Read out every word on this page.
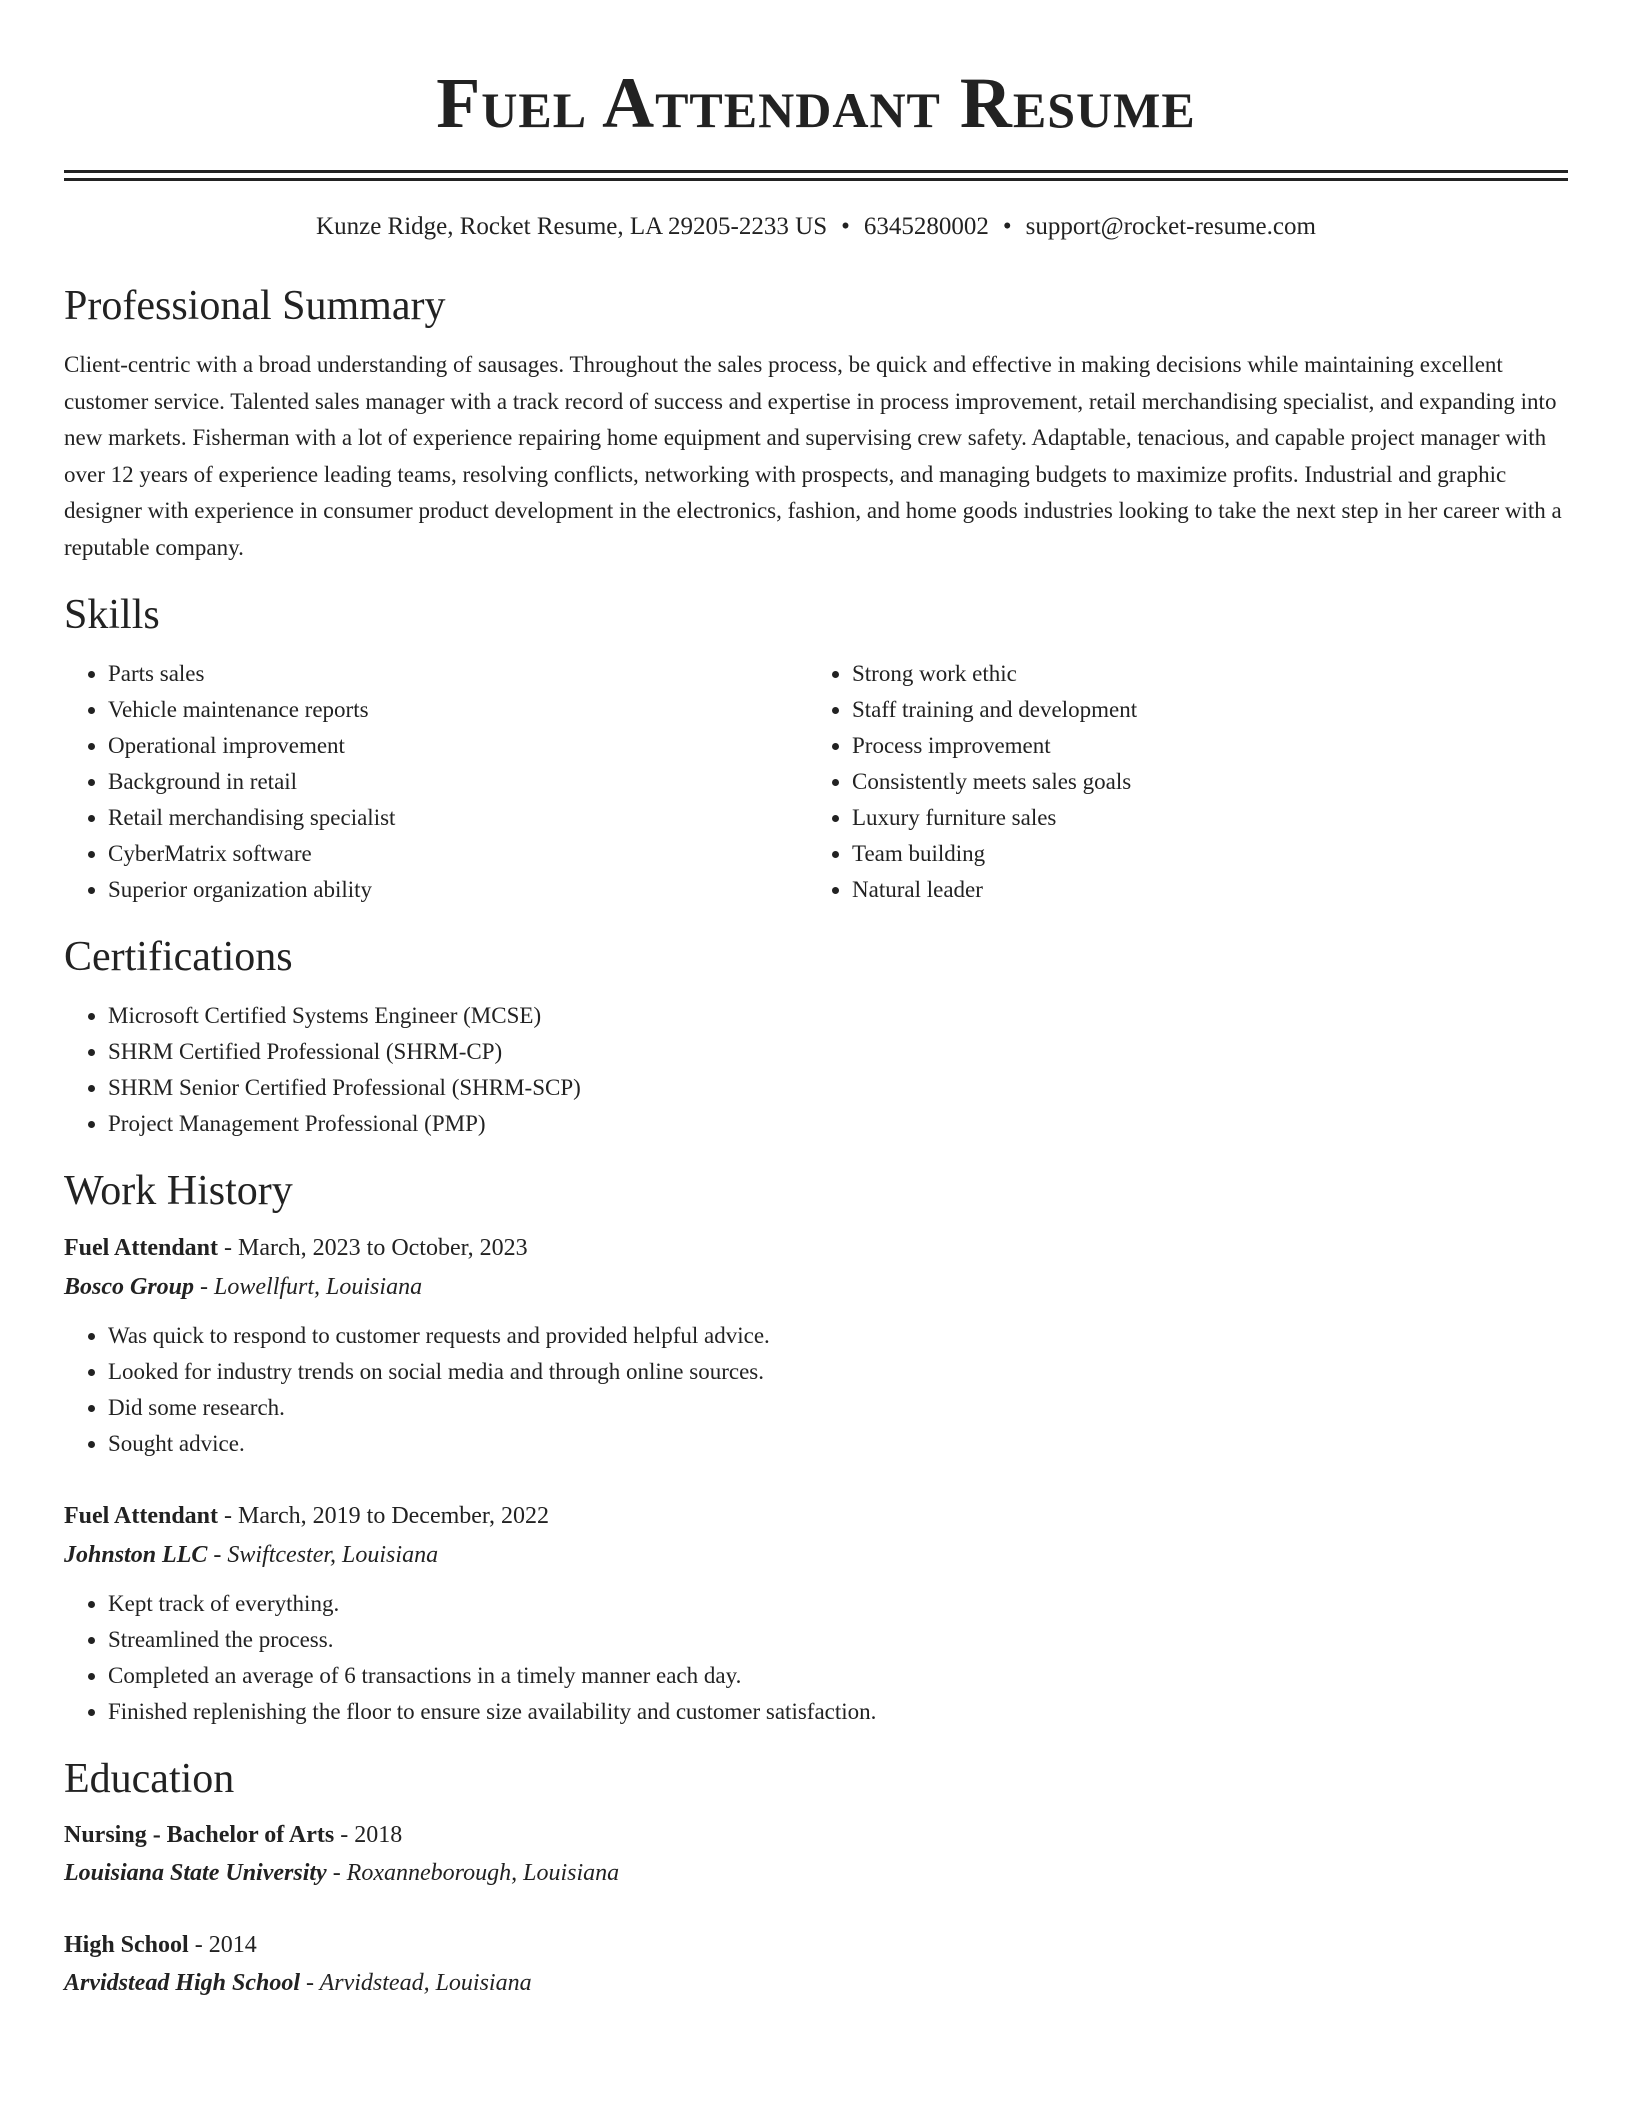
Fuel Attendant Resume
Kunze Ridge, Rocket Resume, LA 29205-2233 US • 6345280002 • support@rocket-resume.com
Professional Summary

Client-centric with a broad understanding of sausages. Throughout the sales process, be quick and effective in making decisions while maintaining excellent customer service. Talented sales manager with a track record of success and expertise in process improvement, retail merchandising specialist, and expanding into new markets. Fisherman with a lot of experience repairing home equipment and supervising crew safety. Adaptable, tenacious, and capable project manager with over 12 years of experience leading teams, resolving conflicts, networking with prospects, and managing budgets to maximize profits. Industrial and graphic designer with experience in consumer product development in the electronics, fashion, and home goods industries looking to take the next step in her career with a reputable company.

Skills
• Parts sales
• Vehicle maintenance reports
• Operational improvement
• Background in retail
• Retail merchandising specialist
• CyberMatrix software
• Superior organization ability
• Strong work ethic
• Staff training and development
• Process improvement
• Consistently meets sales goals
• Luxury furniture sales
• Team building
• Natural leader
Certifications
• Microsoft Certified Systems Engineer (MCSE)
• SHRM Certified Professional (SHRM-CP)
• SHRM Senior Certified Professional (SHRM-SCP)
• Project Management Professional (PMP)
Work History
Fuel Attendant - March, 2023 to October, 2023
Bosco Group - Lowellfurt, Louisiana
• Was quick to respond to customer requests and provided helpful advice.
• Looked for industry trends on social media and through online sources.
• Did some research.
• Sought advice.
Fuel Attendant - March, 2019 to December, 2022
Johnston LLC - Swiftcester, Louisiana
• Kept track of everything.
• Streamlined the process.
• Completed an average of 6 transactions in a timely manner each day.
• Finished replenishing the floor to ensure size availability and customer satisfaction.
Education
Nursing - Bachelor of Arts - 2018
Louisiana State University - Roxanneborough, Louisiana
High School - 2014
Arvidstead High School - Arvidstead, Louisiana
